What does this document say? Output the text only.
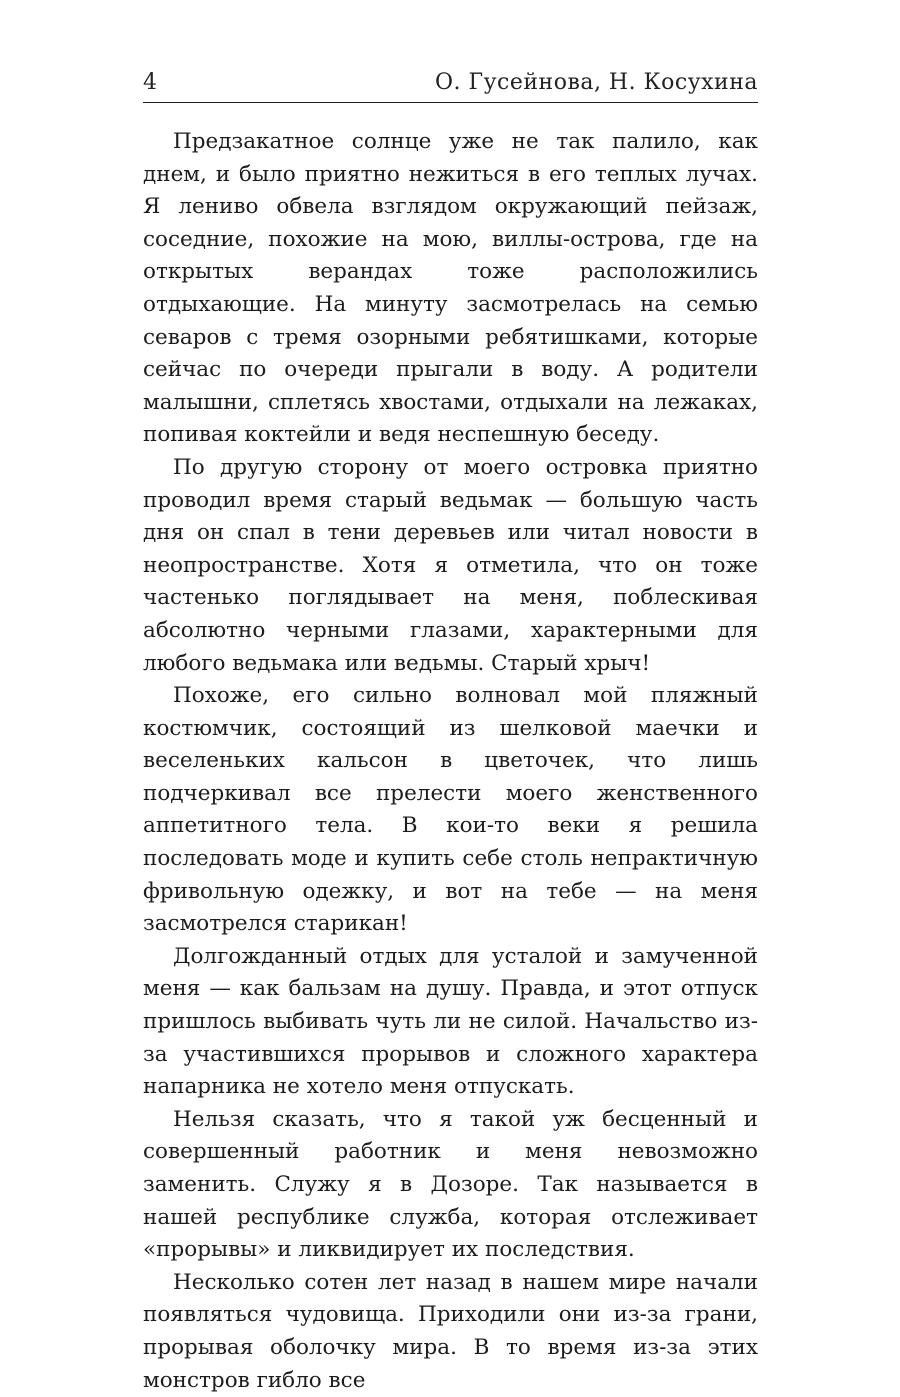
4	О. Гусейнова, Н. Косухина

Предзакатное солнце уже не так палило, как днем, и было приятно нежиться в его теплых лучах. Я лениво обвела взглядом окружающий пейзаж, соседние, похожие на мою, виллы-острова, где на открытых верандах тоже расположились отдыхающие. На минуту засмотрелась на семью севаров с тремя озорными ребятишками, которые сейчас по очереди прыгали в воду. А родители малышни, сплетясь хвостами, отдыхали на лежаках, попивая коктейли и ведя неспешную беседу.

По другую сторону от моего островка приятно проводил время старый ведьмак — большую часть дня он спал в тени деревьев или читал новости в неопространстве. Хотя я отметила, что он тоже частенько поглядывает на меня, поблескивая абсолютно черными глазами, характерными для любого ведьмака или ведьмы. Старый хрыч!

Похоже, его сильно волновал мой пляжный костюмчик, состоящий из шелковой маечки и веселеньких кальсон в цветочек, что лишь подчеркивал все прелести моего женственного аппетитного тела. В кои-то веки я решила последовать моде и купить себе столь непрактичную фривольную одежку, и вот на тебе — на меня засмотрелся старикан!

Долгожданный отдых для усталой и замученной меня — как бальзам на душу. Правда, и этот отпуск пришлось выбивать чуть ли не силой. Начальство из-за участившихся прорывов и сложного характера напарника не хотело меня отпускать.

Нельзя сказать, что я такой уж бесценный и совершенный работник и меня невозможно заменить. Служу я в Дозоре. Так называется в нашей республике служба, которая отслеживает «прорывы» и ликвидирует их последствия.

Несколько сотен лет назад в нашем мире начали появляться чудовища. Приходили они из-за грани, прорывая оболочку мира. В то время из-за этих монстров гибло все
